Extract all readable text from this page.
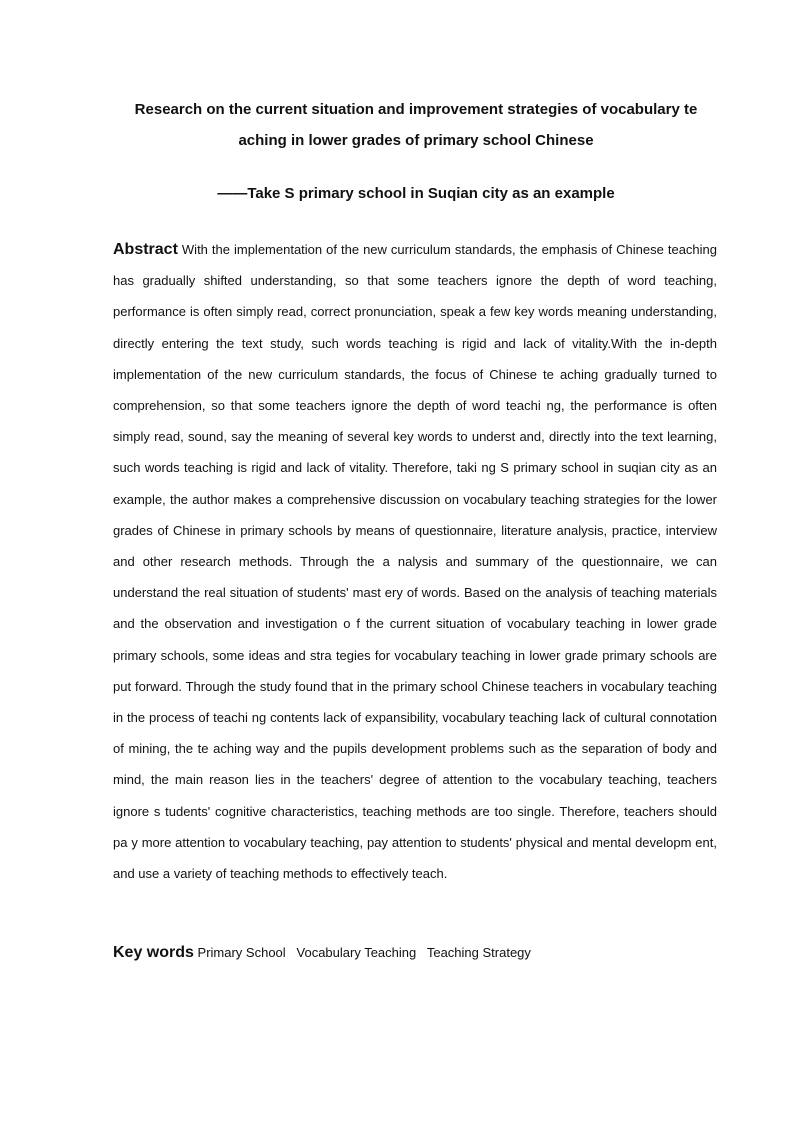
Research on the current situation and improvement strategies of vocabulary te
aching in lower grades of primary school Chinese
——Take S primary school in Suqian city as an example

Abstract With the implementation of the new curriculum standards, the emphasis of Chinese teaching has gradually shifted understanding, so that some teachers ignore the depth of word teaching, performance is often simply read, correct pronunciation, speak a few key words meaning understanding, directly entering the text study, such words teaching is rigid and lack of vitality.With the in-depth implementation of the new curriculum standards, the focus of Chinese te aching gradually turned to comprehension, so that some teachers ignore the depth of word teachi ng, the performance is often simply read, sound, say the meaning of several key words to underst and, directly into the text learning, such words teaching is rigid and lack of vitality. Therefore, taki ng S primary school in suqian city as an example, the author makes a comprehensive discussion on vocabulary teaching strategies for the lower grades of Chinese in primary schools by means of questionnaire, literature analysis, practice, interview and other research methods. Through the a nalysis and summary of the questionnaire, we can understand the real situation of students' mast ery of words. Based on the analysis of teaching materials and the observation and investigation o f the current situation of vocabulary teaching in lower grade primary schools, some ideas and stra tegies for vocabulary teaching in lower grade primary schools are put forward. Through the study found that in the primary school Chinese teachers in vocabulary teaching in the process of teachi ng contents lack of expansibility, vocabulary teaching lack of cultural connotation of mining, the te aching way and the pupils development problems such as the separation of body and mind, the main reason lies in the teachers' degree of attention to the vocabulary teaching, teachers ignore s tudents' cognitive characteristics, teaching methods are too single. Therefore, teachers should pa y more attention to vocabulary teaching, pay attention to students' physical and mental developm ent, and use a variety of teaching methods to effectively teach.

Key words Primary School   Vocabulary Teaching   Teaching Strategy
